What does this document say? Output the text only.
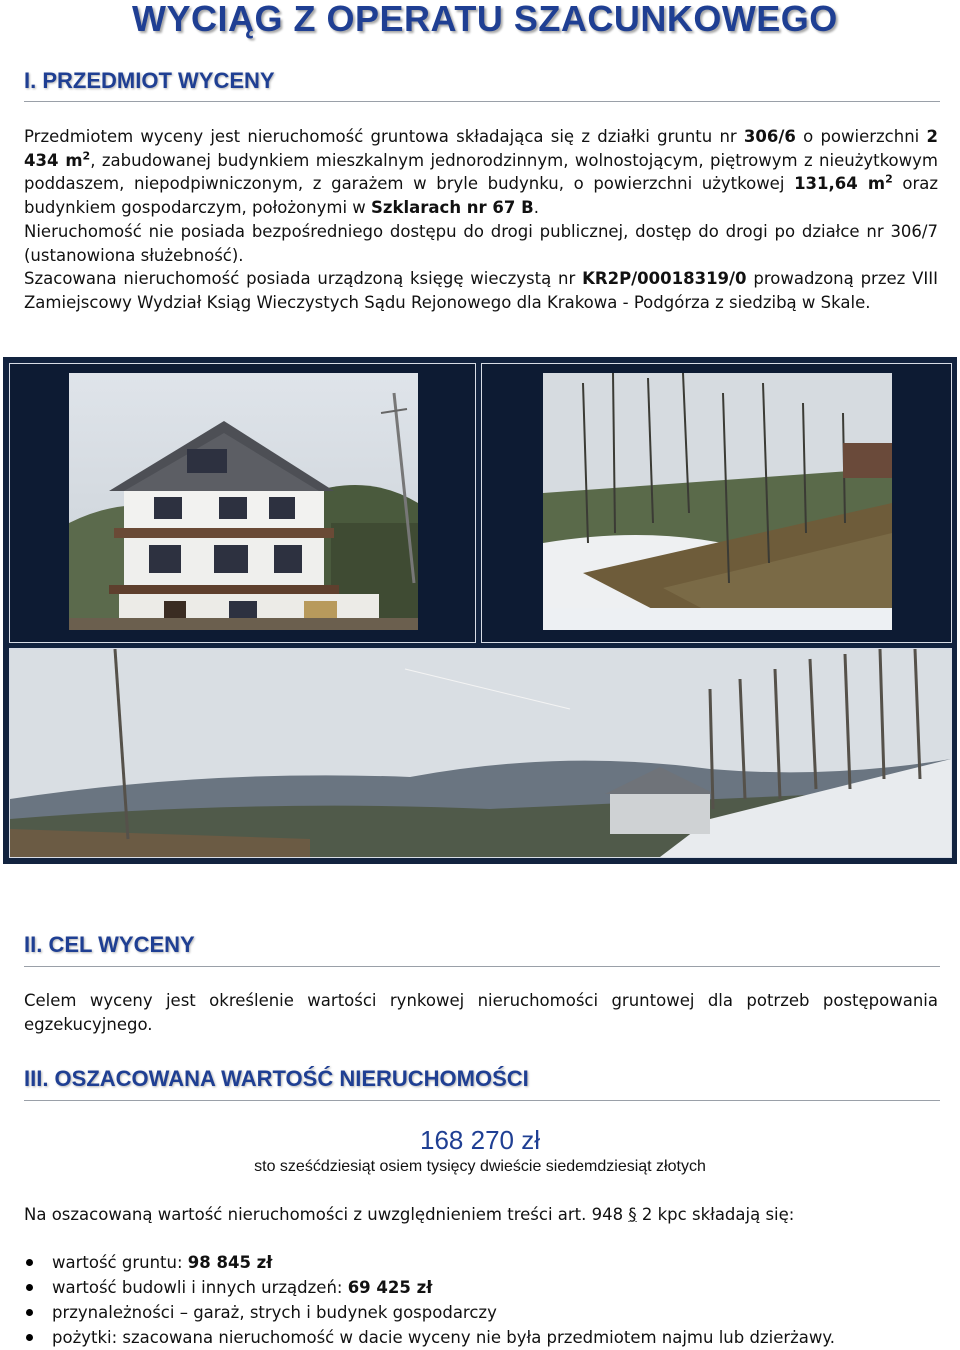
WYCIĄG Z OPERATU SZACUNKOWEGO
I. PRZEDMIOT WYCENY

Przedmiotem wyceny jest nieruchomość gruntowa składająca się z działki gruntu nr 306/6 o powierzchni 2 434 $m^2$, zabudowanej budynkiem mieszkalnym jednorodzinnym, wolnostojącym, piętrowym z nieużytkowym poddaszem, niepodpiwniczonym, z garażem w bryle budynku, o powierzchni użytkowej 131,64 $m^2$ oraz budynkiem gospodarczym, położonymi w Szklarach nr 67 B.

Nieruchomość nie posiada bezpośredniego dostępu do drogi publicznej, dostęp do drogi po działce nr 306/7 (ustanowiona służebność).

Szacowana nieruchomość posiada urządzoną księgę wieczystą nr KR2P/00018319/0 prowadzoną przez VIII Zamiejscowy Wydział Ksiąg Wieczystych Sądu Rejonowego dla Krakowa - Podgórza z siedzibą w Skale.

II. CEL WYCENY

Celem wyceny jest określenie wartości rynkowej nieruchomości gruntowej dla potrzeb postępowania egzekucyjnego.

III. OSZACOWANA WARTOŚĆ NIERUCHOMOŚCI
168 270 zł
sto sześćdziesiąt osiem tysięcy dwieście siedemdziesiąt złotych

Na oszacowaną wartość nieruchomości z uwzględnieniem treści art. 948 § 2 kpc składają się:

wartość gruntu: 98 845 zł
wartość budowli i innych urządzeń: 69 425 zł
przynależności – garaż, strych i budynek gospodarczy
pożytki: szacowana nieruchomość w dacie wyceny nie była przedmiotem najmu lub dzierżawy.
